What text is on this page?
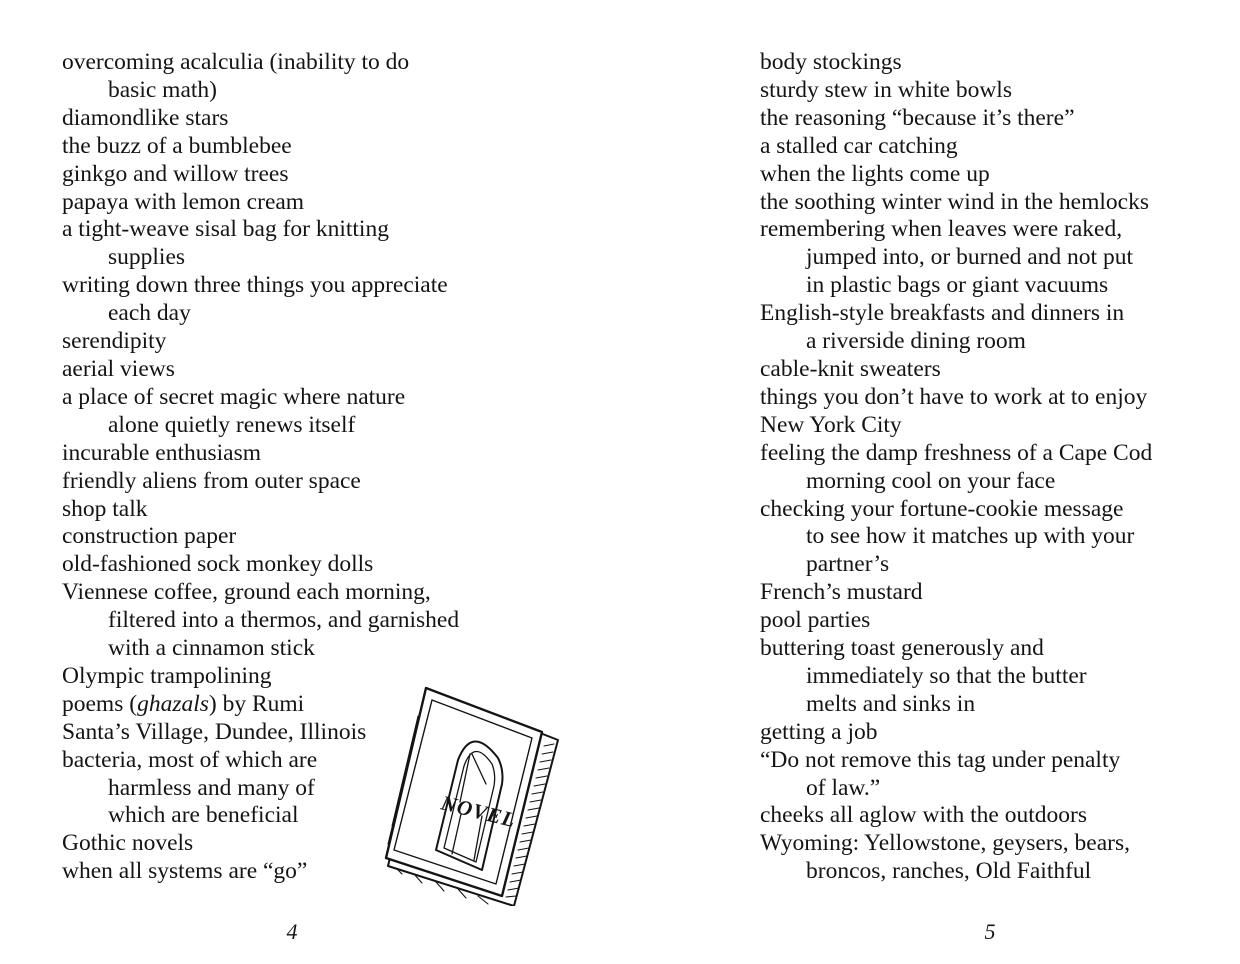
overcoming acalculia (inability to do
basic math)
diamondlike stars
the buzz of a bumblebee
ginkgo and willow trees
papaya with lemon cream
a tight-weave sisal bag for knitting
supplies
writing down three things you appreciate
each day
serendipity
aerial views
a place of secret magic where nature
alone quietly renews itself
incurable enthusiasm
friendly aliens from outer space
shop talk
construction paper
old-fashioned sock monkey dolls
Viennese coffee, ground each morning,
filtered into a thermos, and garnished
with a cinnamon stick
Olympic trampolining
poems (ghazals) by Rumi
Santa’s Village, Dundee, Illinois
bacteria, most of which are
harmless and many of
which are beneficial
Gothic novels
when all systems are “go”
body stockings
sturdy stew in white bowls
the reasoning “because it’s there”
a stalled car catching
when the lights come up
the soothing winter wind in the hemlocks
remembering when leaves were raked,
jumped into, or burned and not put
in plastic bags or giant vacuums
English-style breakfasts and dinners in
a riverside dining room
cable-knit sweaters
things you don’t have to work at to enjoy
New York City
feeling the damp freshness of a Cape Cod
morning cool on your face
checking your fortune-cookie message
to see how it matches up with your
partner’s
French’s mustard
pool parties
buttering toast generously and
immediately so that the butter
melts and sinks in
getting a job
“Do not remove this tag under penalty
of law.”
cheeks all aglow with the outdoors
Wyoming: Yellowstone, geysers, bears,
broncos, ranches, Old Faithful
NOVEL
4	5
